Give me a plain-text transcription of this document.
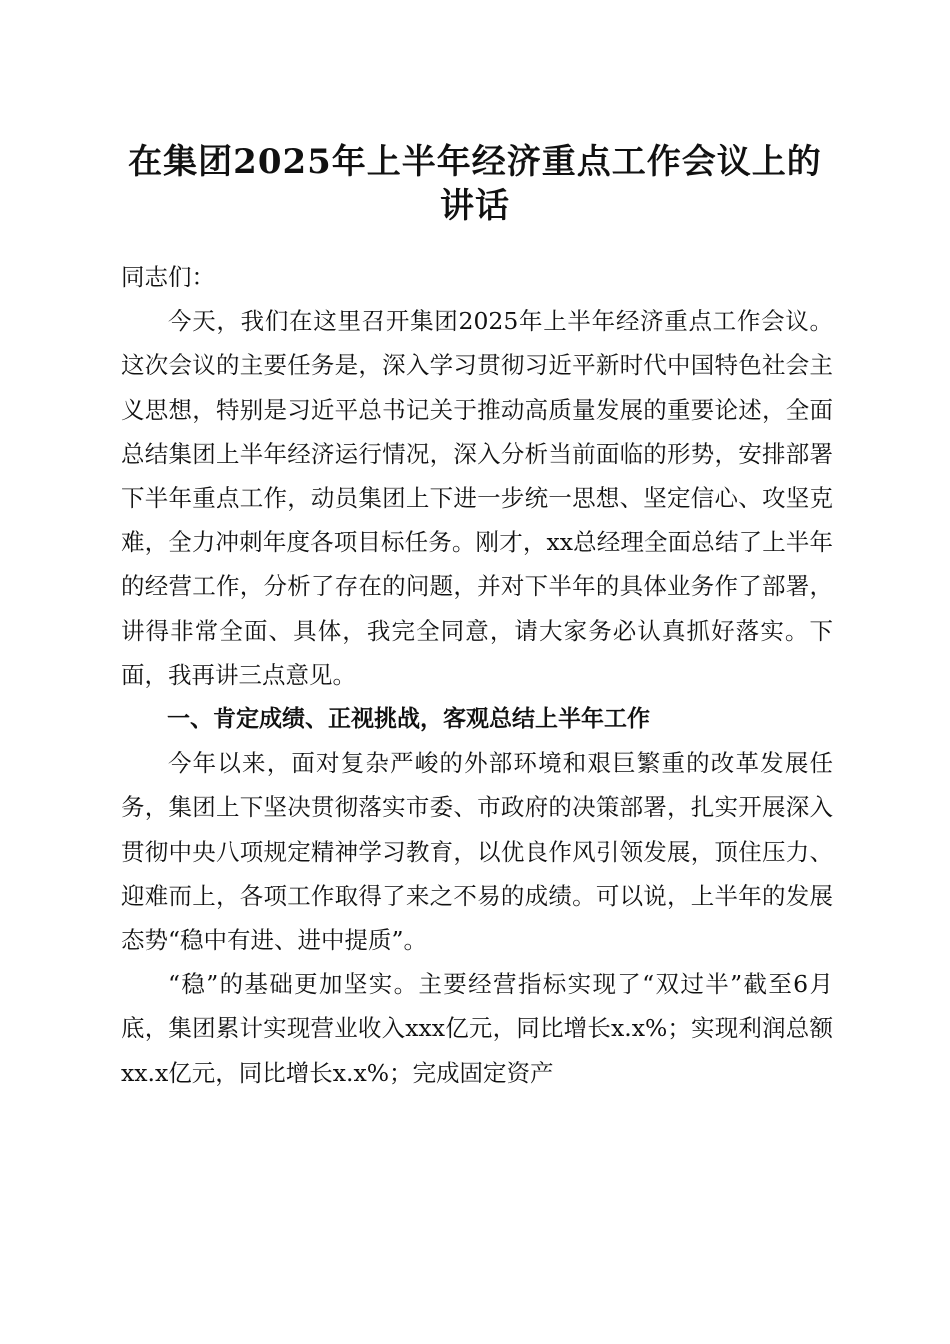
在集团2025年上半年经济重点工作会议上的
讲话

同志们：

今天，我们在这里召开集团2025年上半年经济重点工作会议。这次会议的主要任务是，深入学习贯彻习近平新时代中国特色社会主义思想，特别是习近平总书记关于推动高质量发展的重要论述，全面总结集团上半年经济运行情况，深入分析当前面临的形势，安排部署下半年重点工作，动员集团上下进一步统一思想、坚定信心、攻坚克难，全力冲刺年度各项目标任务。刚才，xx总经理全面总结了上半年的经营工作，分析了存在的问题，并对下半年的具体业务作了部署，讲得非常全面、具体，我完全同意，请大家务必认真抓好落实。下面，我再讲三点意见。

一、肯定成绩、正视挑战，客观总结上半年工作

今年以来，面对复杂严峻的外部环境和艰巨繁重的改革发展任务，集团上下坚决贯彻落实市委、市政府的决策部署，扎实开展深入贯彻中央八项规定精神学习教育，以优良作风引领发展，顶住压力、迎难而上，各项工作取得了来之不易的成绩。可以说，上半年的发展态势“稳中有进、进中提质”。

“稳”的基础更加坚实。主要经营指标实现了“双过半”截至6月底，集团累计实现营业收入xxx亿元，同比增长x.x%；实现利润总额xx.x亿元，同比增长x.x%；完成固定资产
